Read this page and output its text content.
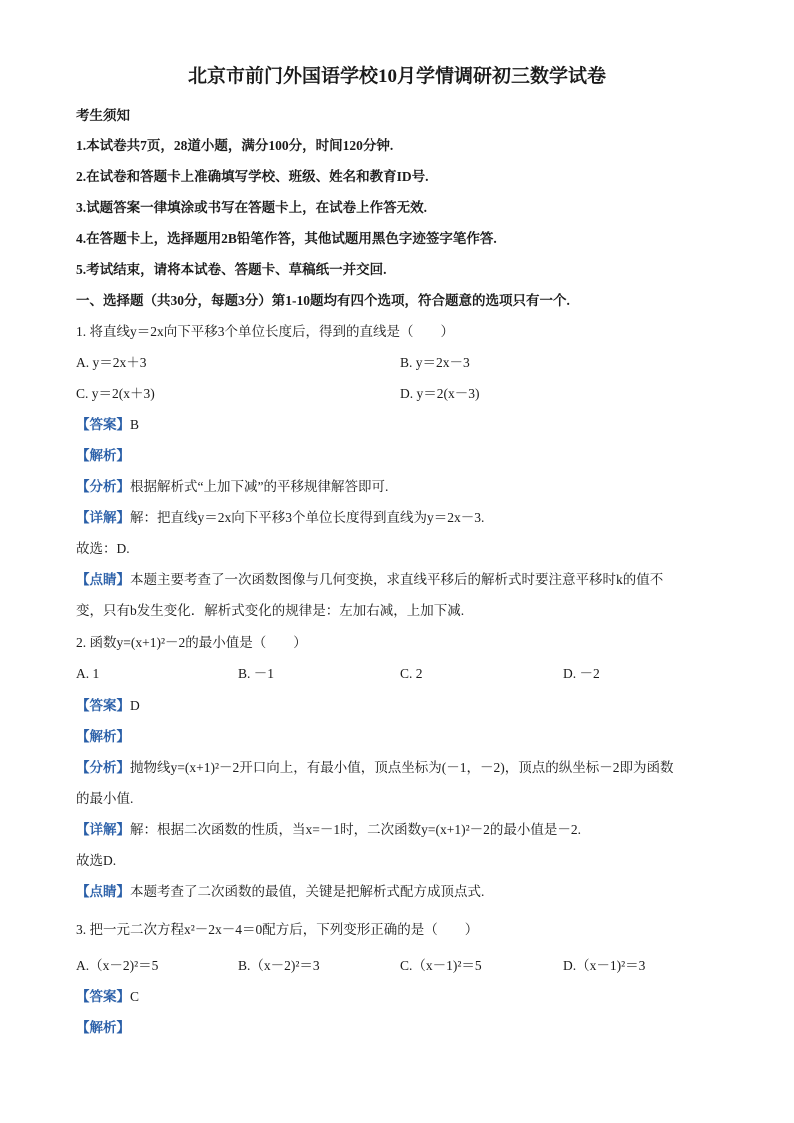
北京市前门外国语学校10月学情调研初三数学试卷
考生须知
1.本试卷共7页，28道小题，满分100分，时间120分钟.
2.在试卷和答题卡上准确填写学校、班级、姓名和教育ID号.
3.试题答案一律填涂或书写在答题卡上，在试卷上作答无效.
4.在答题卡上，选择题用2B铅笔作答，其他试题用黑色字迹签字笔作答.
5.考试结束，请将本试卷、答题卡、草稿纸一并交回.
一、选择题（共30分，每题3分）第1-10题均有四个选项，符合题意的选项只有一个.
1. 将直线y＝2x向下平移3个单位长度后，得到的直线是（　　）
A. y＝2x＋3	B. y＝2x－3
C. y＝2(x＋3)	D. y＝2(x－3)
【答案】B
【解析】
【分析】根据解析式“上加下减”的平移规律解答即可.
【详解】解：把直线y＝2x向下平移3个单位长度得到直线为y＝2x－3.
故选：D.
【点睛】本题主要考查了一次函数图像与几何变换，求直线平移后的解析式时要注意平移时k的值不
变，只有b发生变化．解析式变化的规律是：左加右减，上加下减.
2. 函数y=(x+1)²－2的最小值是（　　）
A. 1	B. －1	C. 2	D. －2
【答案】D
【解析】
【分析】抛物线y=(x+1)²－2开口向上，有最小值，顶点坐标为(－1，－2)，顶点的纵坐标－2即为函数
的最小值.
【详解】解：根据二次函数的性质，当x=－1时，二次函数y=(x+1)²－2的最小值是－2.
故选D.
【点睛】本题考查了二次函数的最值，关键是把解析式配方成顶点式.
3. 把一元二次方程x²－2x－4＝0配方后，下列变形正确的是（　　）
A.（x－2)²＝5	B.（x－2)²＝3	C.（x－1)²＝5	D.（x－1)²＝3
【答案】C
【解析】
